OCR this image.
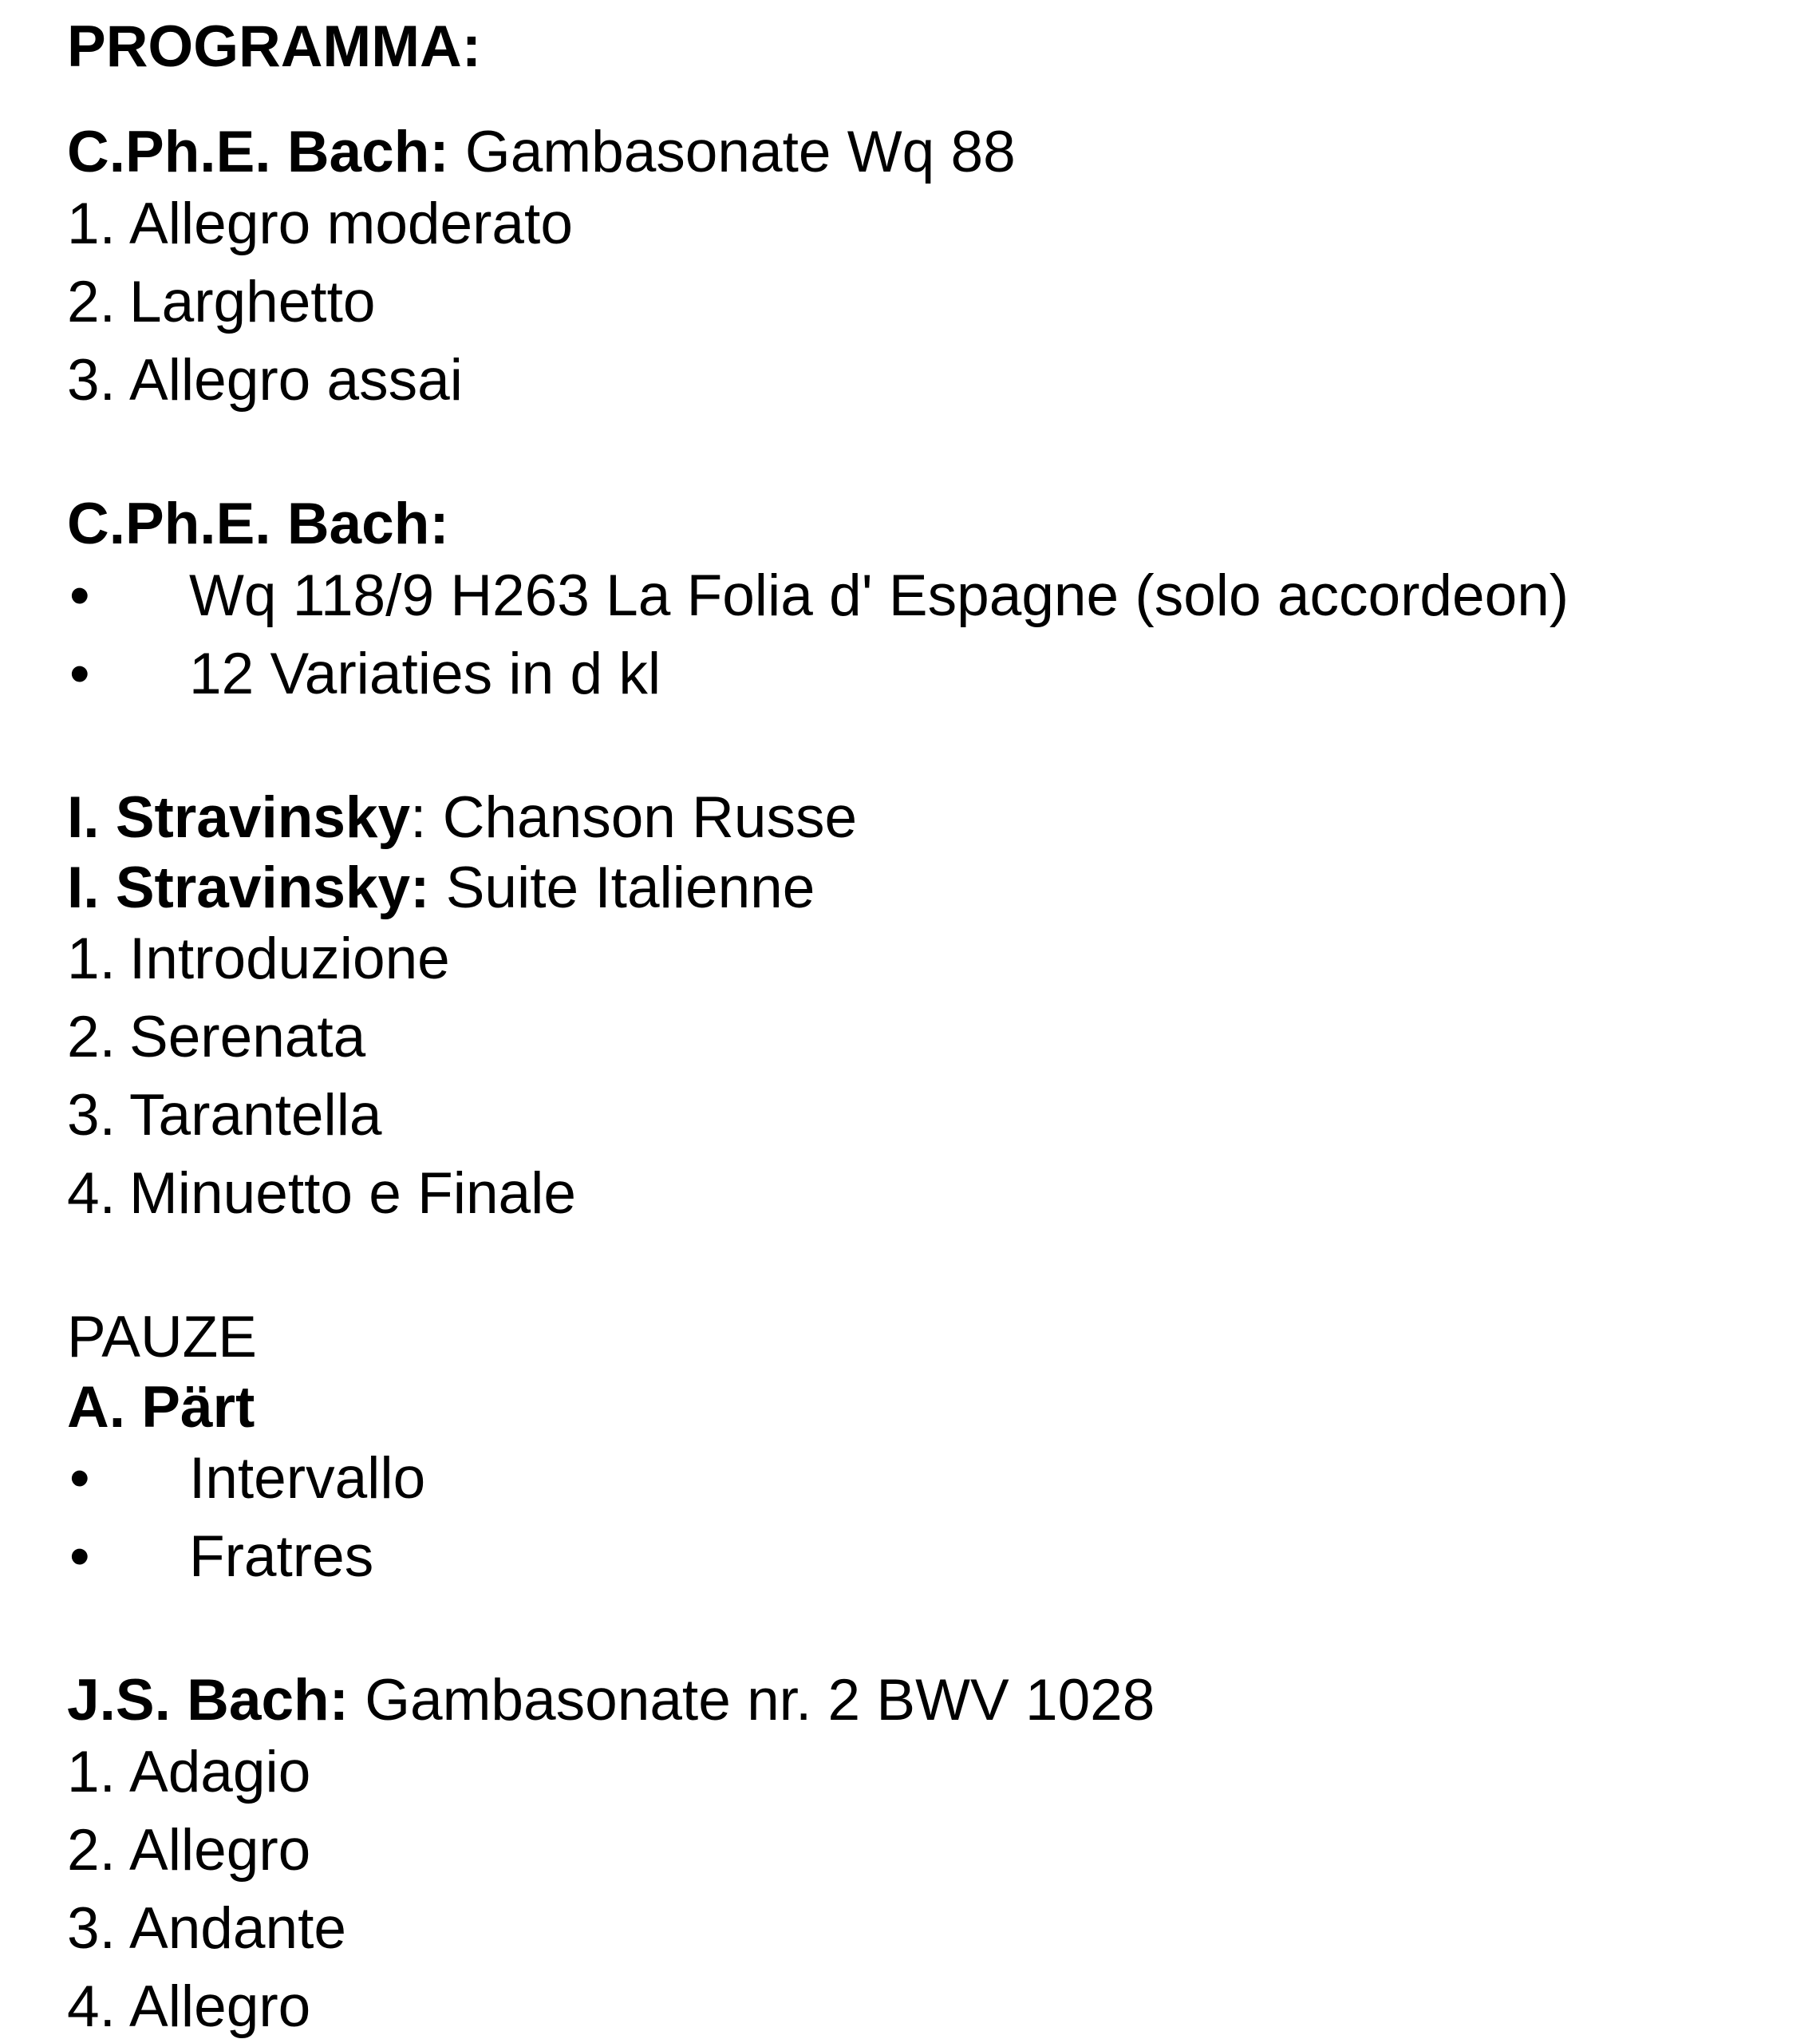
PROGRAMMA:
C.Ph.E. Bach: Gambasonate Wq 88
1. Allegro moderato
2. Larghetto
3. Allegro assai
C.Ph.E. Bach:
• Wq 118/9 H263 La Folia d' Espagne (solo accordeon)
• 12 Variaties in d kl
I. Stravinsky: Chanson Russe
I. Stravinsky: Suite Italienne
1. Introduzione
2. Serenata
3. Tarantella
4. Minuetto e Finale
PAUZE
A. Pärt
• Intervallo
• Fratres
J.S. Bach: Gambasonate nr. 2 BWV 1028
1. Adagio
2. Allegro
3. Andante
4. Allegro
